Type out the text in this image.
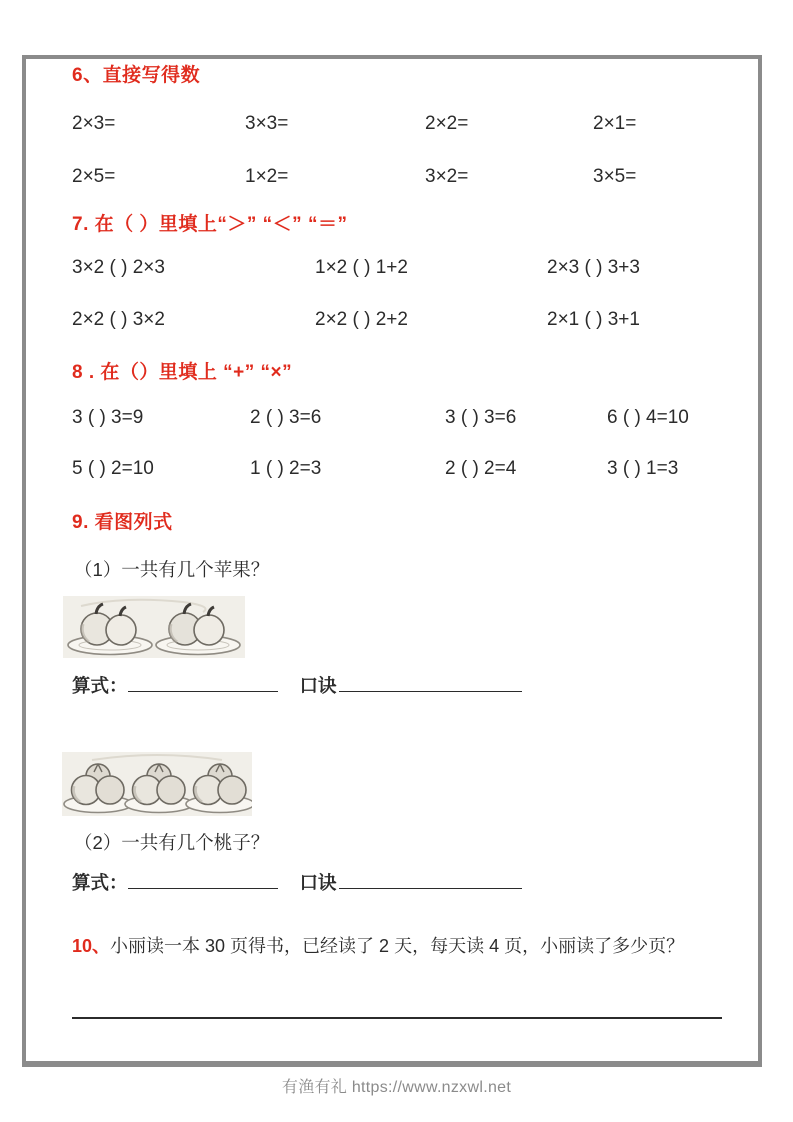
6、直接写得数
2×3=	3×3=	2×2=	2×1=
2×5=	1×2=	3×2=	3×5=
7. 在（ ）里填上“＞” “＜” “＝”
3×2 ( ) 2×3	1×2 ( ) 1+2	2×3 ( ) 3+3
2×2 ( ) 3×2	2×2 ( ) 2+2	2×1 ( ) 3+1
8 . 在（）里填上 “+” “×”
3 ( ) 3=9	2 ( ) 3=6	3 ( ) 3=6	6 ( ) 4=10
5 ( ) 2=10	1 ( ) 2=3	2 ( ) 2=4	3 ( ) 1=3
9. 看图列式
（1）一共有几个苹果？
算式：	口诀
（2）一共有几个桃子？
算式：	口诀
10、小丽读一本 30 页得书，已经读了 2 天，每天读 4 页，小丽读了多少页？
有渔有礼 https://www.nzxwl.net
